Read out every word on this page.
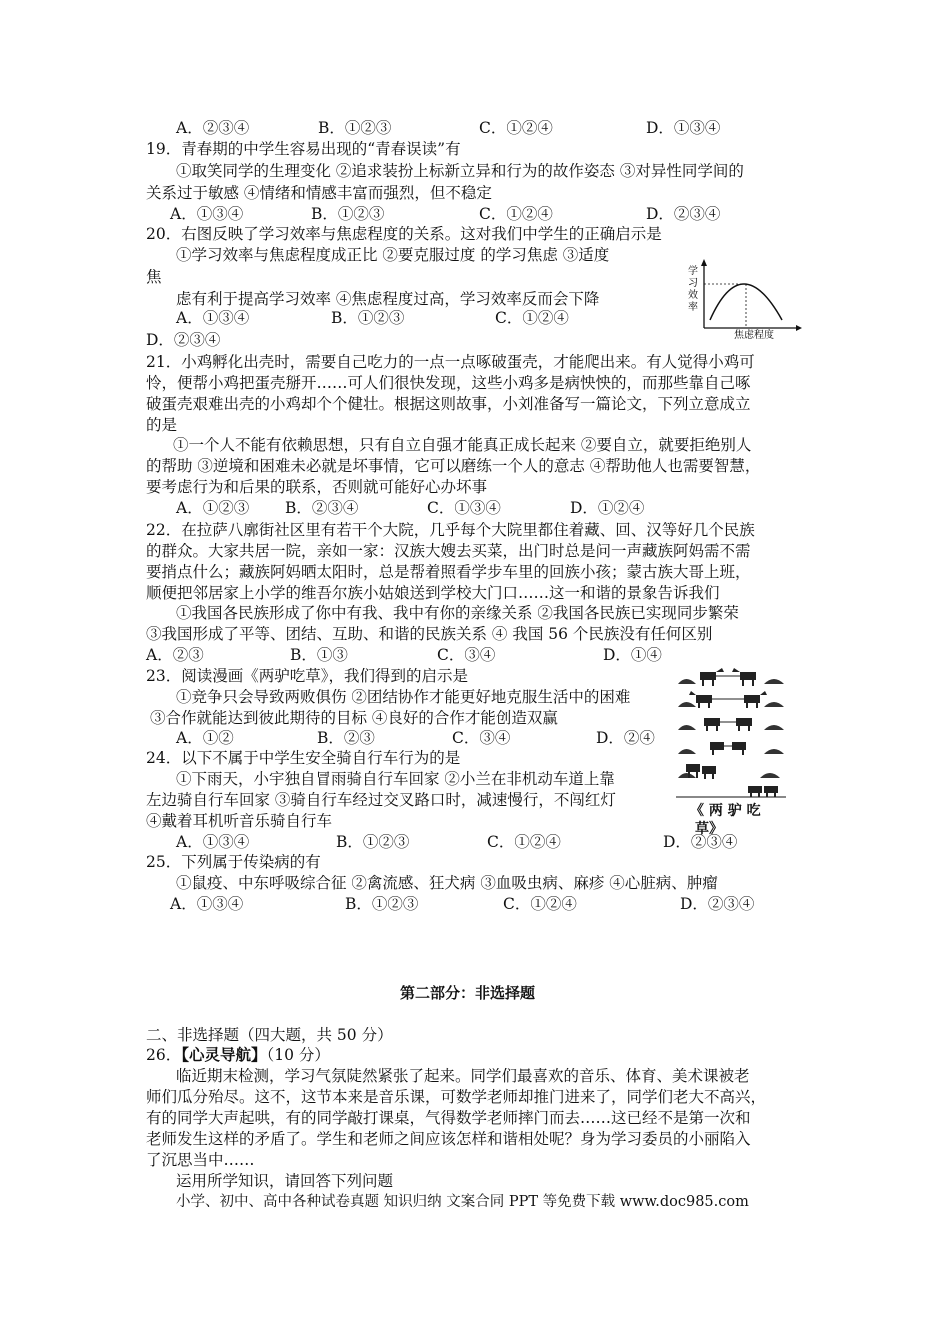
A．②③④	B．①②③	C．①②④	D．①③④
19．青春期的中学生容易出现的“青春误读”有
①取笑同学的生理变化 ②追求装扮上标新立异和行为的故作姿态 ③对异性同学间的
关系过于敏感 ④情绪和情感丰富而强烈，但不稳定
A．①③④	B．①②③	C．①②④	D．②③④
20．右图反映了学习效率与焦虑程度的关系。这对我们中学生的正确启示是
①学习效率与焦虑程度成正比 ②要克服过度 的学习焦虑 ③适度
焦
虑有利于提高学习效率 ④焦虑程度过高，学习效率反而会下降
A．①③④	B．①②③	C．①②④
D．②③④
学
习
效
率
焦虑程度
21．小鸡孵化出壳时，需要自己吃力的一点一点啄破蛋壳，才能爬出来。有人觉得小鸡可
怜，便帮小鸡把蛋壳掰开……可人们很快发现，这些小鸡多是病怏怏的，而那些靠自己啄
破蛋壳艰难出壳的小鸡却个个健壮。根据这则故事，小刘准备写一篇论文，下列立意成立
的是
①一个人不能有依赖思想，只有自立自强才能真正成长起来 ②要自立，就要拒绝别人
的帮助 ③逆境和困难未必就是坏事情，它可以磨练一个人的意志 ④帮助他人也需要智慧，
要考虑行为和后果的联系，否则就可能好心办坏事
A．①②③ B．②③④	C．①③④	D．①②④
22．在拉萨八廓街社区里有若干个大院，几乎每个大院里都住着藏、回、汉等好几个民族
的群众。大家共居一院，亲如一家：汉族大嫂去买菜，出门时总是问一声藏族阿妈需不需
要捎点什么；藏族阿妈晒太阳时，总是帮着照看学步车里的回族小孩；蒙古族大哥上班，
顺便把邻居家上小学的维吾尔族小姑娘送到学校大门口……这一和谐的景象告诉我们
①我国各民族形成了你中有我、我中有你的亲缘关系 ②我国各民族已实现同步繁荣
③我国形成了平等、团结、互助、和谐的民族关系 ④ 我国 56 个民族没有任何区别
A．②③	B．①③	C．③④	D．①④
23．阅读漫画《两驴吃草》，我们得到的启示是
①竞争只会导致两败俱伤 ②团结协作才能更好地克服生活中的困难
③合作就能达到彼此期待的目标 ④良好的合作才能创造双赢
A．①②	B．②③	C．③④	D．②④
《 两 驴 吃
草》
24．以下不属于中学生安全骑自行车行为的是
①下雨天，小宇独自冒雨骑自行车回家 ②小兰在非机动车道上靠
左边骑自行车回家 ③骑自行车经过交叉路口时，减速慢行，不闯红灯
④戴着耳机听音乐骑自行车
A．①③④	B．①②③	C．①②④	D．②③④
25．下列属于传染病的有
①鼠疫、中东呼吸综合征 ②禽流感、狂犬病 ③血吸虫病、麻疹 ④心脏病、肿瘤
A．①③④	B．①②③	C．①②④	D．②③④
第二部分：非选择题
二、非选择题（四大题，共 50 分）
26．【心灵导航】（10 分）
临近期末检测，学习气氛陡然紧张了起来。同学们最喜欢的音乐、体育、美术课被老
师们瓜分殆尽。这不，这节本来是音乐课，可数学老师却推门进来了，同学们老大不高兴，
有的同学大声起哄，有的同学敲打课桌，气得数学老师摔门而去……这已经不是第一次和
老师发生这样的矛盾了。学生和老师之间应该怎样和谐相处呢？身为学习委员的小丽陷入
了沉思当中……
运用所学知识，请回答下列问题
小学、初中、高中各种试卷真题 知识归纳 文案合同 PPT 等免费下载 www.doc985.com
